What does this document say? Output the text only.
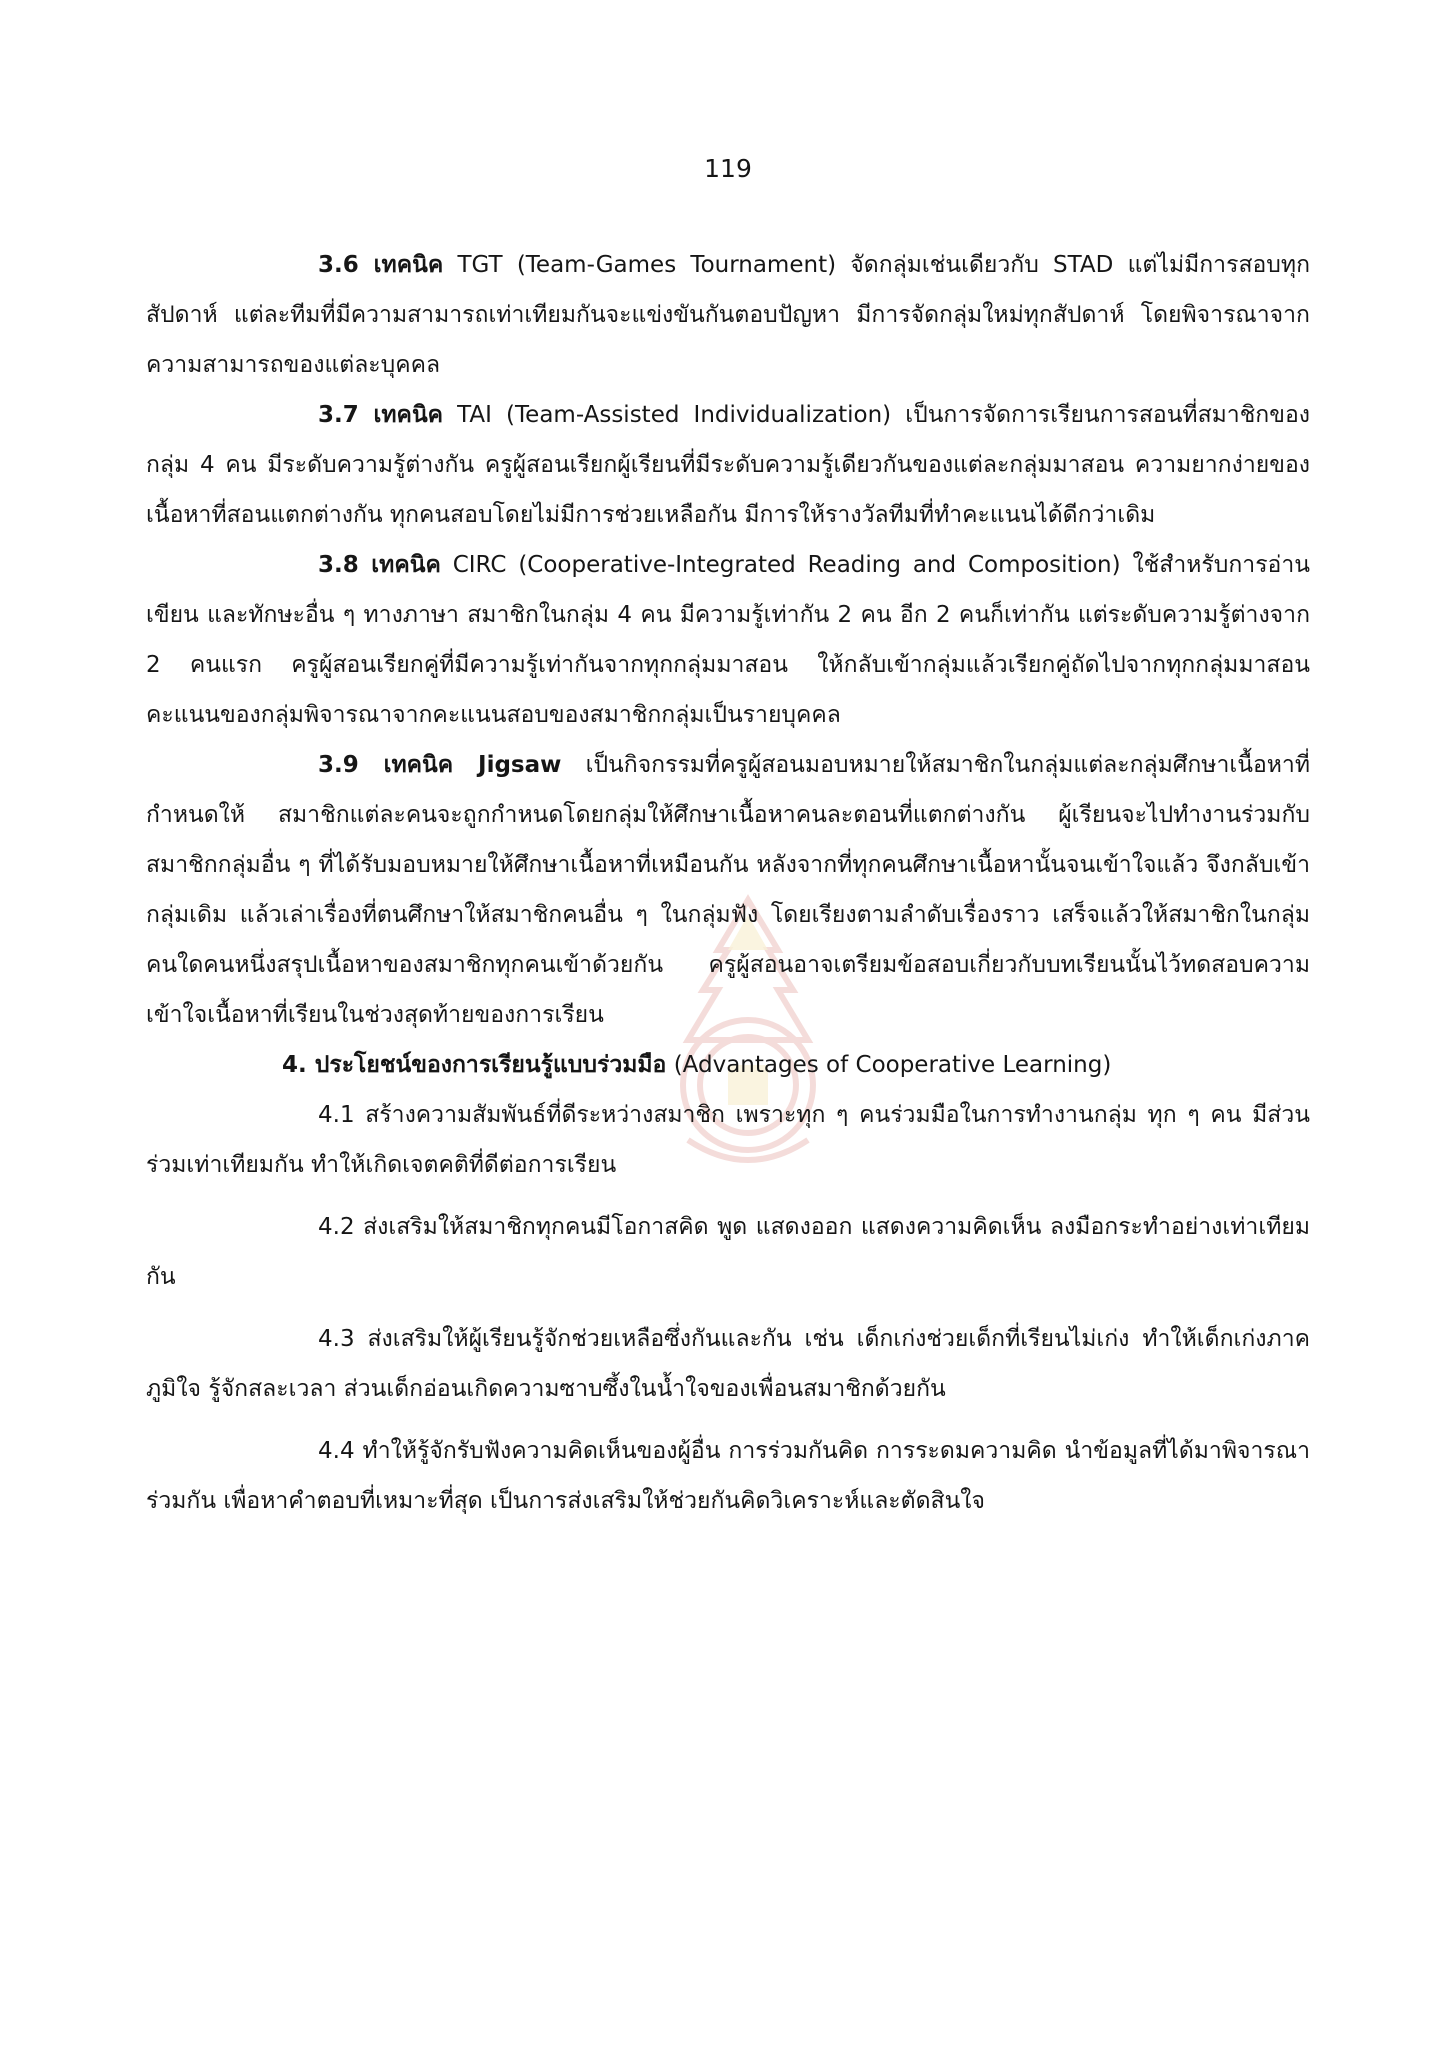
119

3.6 เทคนิค TGT (Team-Games Tournament) จัดกลุ่มเช่นเดียวกับ STAD แต่ไม่มีการสอบทุกสัปดาห์ แต่ละทีมที่มีความสามารถเท่าเทียมกันจะแข่งขันกันตอบปัญหา มีการจัดกลุ่มใหม่ทุกสัปดาห์ โดยพิจารณาจากความสามารถของแต่ละบุคคล

3.7 เทคนิค TAI (Team-Assisted Individualization) เป็นการจัดการเรียนการสอนที่สมาชิกของกลุ่ม 4 คน มีระดับความรู้ต่างกัน ครูผู้สอนเรียกผู้เรียนที่มีระดับความรู้เดียวกันของแต่ละกลุ่มมาสอน ความยากง่ายของเนื้อหาที่สอนแตกต่างกัน ทุกคนสอบโดยไม่มีการช่วยเหลือกัน มีการให้รางวัลทีมที่ทำคะแนนได้ดีกว่าเดิม

3.8 เทคนิค CIRC (Cooperative-Integrated Reading and Composition) ใช้สำหรับการอ่าน เขียน และทักษะอื่น ๆ ทางภาษา สมาชิกในกลุ่ม 4 คน มีความรู้เท่ากัน 2 คน อีก 2 คนก็เท่ากัน แต่ระดับความรู้ต่างจาก 2 คนแรก ครูผู้สอนเรียกคู่ที่มีความรู้เท่ากันจากทุกกลุ่มมาสอน ให้กลับเข้ากลุ่มแล้วเรียกคู่ถัดไปจากทุกกลุ่มมาสอน คะแนนของกลุ่มพิจารณาจากคะแนนสอบของสมาชิกกลุ่มเป็นรายบุคคล

3.9 เทคนิค Jigsaw เป็นกิจกรรมที่ครูผู้สอนมอบหมายให้สมาชิกในกลุ่มแต่ละกลุ่มศึกษาเนื้อหาที่กำหนดให้ สมาชิกแต่ละคนจะถูกกำหนดโดยกลุ่มให้ศึกษาเนื้อหาคนละตอนที่แตกต่างกัน ผู้เรียนจะไปทำงานร่วมกับสมาชิกกลุ่มอื่น ๆ ที่ได้รับมอบหมายให้ศึกษาเนื้อหาที่เหมือนกัน หลังจากที่ทุกคนศึกษาเนื้อหานั้นจนเข้าใจแล้ว จึงกลับเข้ากลุ่มเดิม แล้วเล่าเรื่องที่ตนศึกษาให้สมาชิกคนอื่น ๆ ในกลุ่มฟัง โดยเรียงตามลำดับเรื่องราว เสร็จแล้วให้สมาชิกในกลุ่มคนใดคนหนึ่งสรุปเนื้อหาของสมาชิกทุกคนเข้าด้วยกัน ครูผู้สอนอาจเตรียมข้อสอบเกี่ยวกับบทเรียนนั้นไว้ทดสอบความเข้าใจเนื้อหาที่เรียนในช่วงสุดท้ายของการเรียน

4. ประโยชน์ของการเรียนรู้แบบร่วมมือ (Advantages of Cooperative Learning)

4.1 สร้างความสัมพันธ์ที่ดีระหว่างสมาชิก เพราะทุก ๆ คนร่วมมือในการทำงานกลุ่ม ทุก ๆ คน มีส่วนร่วมเท่าเทียมกัน ทำให้เกิดเจตคติที่ดีต่อการเรียน

4.2 ส่งเสริมให้สมาชิกทุกคนมีโอกาสคิด พูด แสดงออก แสดงความคิดเห็น ลงมือกระทำอย่างเท่าเทียมกัน

4.3 ส่งเสริมให้ผู้เรียนรู้จักช่วยเหลือซึ่งกันและกัน เช่น เด็กเก่งช่วยเด็กที่เรียนไม่เก่ง ทำให้เด็กเก่งภาคภูมิใจ รู้จักสละเวลา ส่วนเด็กอ่อนเกิดความซาบซึ้งในน้ำใจของเพื่อนสมาชิกด้วยกัน

4.4 ทำให้รู้จักรับฟังความคิดเห็นของผู้อื่น การร่วมกันคิด การระดมความคิด นำข้อมูลที่ได้มาพิจารณาร่วมกัน เพื่อหาคำตอบที่เหมาะที่สุด เป็นการส่งเสริมให้ช่วยกันคิดวิเคราะห์และตัดสินใจ
